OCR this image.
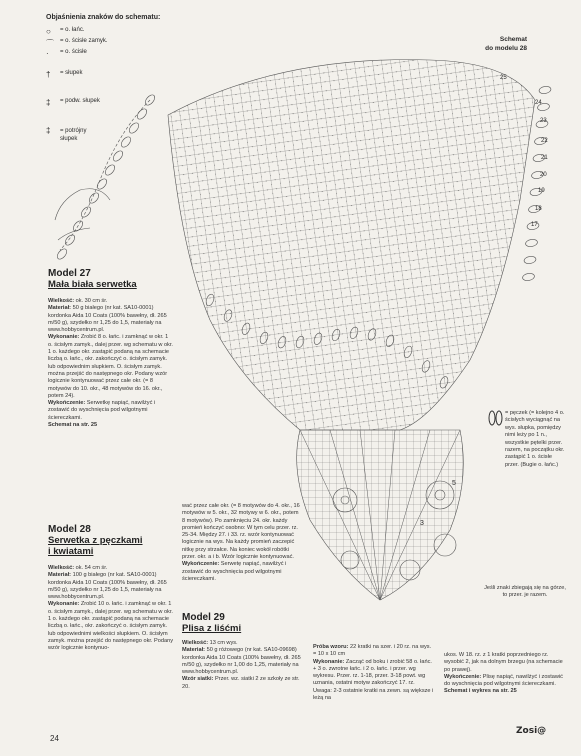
Objaśnienia znaków do schematu:
○ = o. łańc.
⌒ = o. ścisłe zamyk.
· = o. ścisłe
† = słupek
‡ = podw. słupek
‡ = potrójny słupek
Schemat
do modelu 28
25
24
23
22
21
20
19
18
17
5
3
Model 27
Mała biała serwetka
Wielkość: ok. 30 cm śr.
Materiał: 50 g białego (nr kat. SA10-0001) kordonka Aida 10 Coats (100% bawełny, dł. 265 m/50 g), szydełko nr 1,25 do 1,5, materiały na www.hobbycentrum.pl.
Wykonanie: Zrobić 8 o. łańc. i zamknąć w okr. 1 o. ścisłym zamyk., dalej przer. wg schematu w okr. 1 o. każdego okr. zastąpić podaną na schemacie liczbą o. łańc., okr. zakończyć o. ścisłym zamyk. lub odpowiednim słupkiem. O. ścisłym zamyk. można przejść do następnego okr. Podany wzór logicznie kontynuować przez całe okr. (= 8 motywów do 10. okr., 48 motywów do 16. okr., potem 24).
Wykończenie: Serwetkę napiąć, nawilżyć i zostawić do wyschnięcia pod wilgotnymi ściereczkami.
Schemat na str. 25
Model 28
Serwetka z pęczkami
i kwiatami
Wielkość: ok. 54 cm śr.
Materiał: 100 g białego (nr kat. SA10-0001) kordonka Aida 10 Coats (100% bawełny, dł. 265 m/50 g), szydełko nr 1,25 do 1,5, materiały na www.hobbycentrum.pl.
Wykonanie: Zrobić 10 o. łańc. i zamknąć w okr. 1 o. ścisłym zamyk., dalej przer. wg schematu w okr. 1 o. każdego okr. zastąpić podaną na schemacie liczbą o. łańc., okr. zakończyć o. ścisłym zamyk. lub odpowiednimi wielkości słupkiem. O. ścisłym zamyk. można przejść do następnego okr. Podany wzór logicznie kontynuo-
wać przez całe okr. (= 8 motywów do 4. okr., 16 motywów w 5. okr., 32 motywy w 6. okr., potem 8 motywów). Po zamknięciu 24. okr. każdy promień kończyć osobno: W tym celu przer. rz. 25-34. Między 27. i 33. rz. wzór kontynuować logicznie na wys. Na każdy promień zaczepić nitkę przy strzałce. Na koniec wokół robótki przer. okr. a i b. Wzór logicznie kontynuować.
Wykończenie: Serwetę napiąć, nawilżyć i zostawić do wyschnięcia pod wilgotnymi ściereczkami.
Model 29
Plisa z liśćmi
Wielkość: 13 cm wys.
Materiał: 50 g różowego (nr kat. SA10-09698) kordonka Aida 10 Coats (100% bawełny, dł. 265 m/50 g), szydełko nr 1,00 do 1,25, materiały na www.hobbycentrum.pl.
Wzór siatki: Przer. wz. siatki 2 ze szkoły ze str. 20.
Próba wzoru: 22 kratki na szer. i 20 rz. na wys. = 10 x 10 cm
Wykonanie: Zacząć od boku i zrobić 58 o. łańc. + 3 o. zwrotne łańc. i 2 o. łańc. i przer. wg wykresu. Przer. rz. 1-18, przer. 3-18 powt. wg uznania, ostatni motyw zakończyć 17. rz. Uwaga: 2-3 ostatnie kratki na zewn. są większe i leżą na
ukos. W 18. rz. z 1 kratki poprzedniego rz. wysobić 2, jak na dolnym brzegu (na schemacie po prawej).
Wykończenie: Plisę napiąć, nawilżyć i zostawić do wyschnięcia pod wilgotnymi ściereczkami.
Schemat i wykres na str. 25
= pęczek (= kolejno 4 o. ścisłych wyciągnąć na wys. słupka, pomiędzy nimi leży po 1 n., wszystkie pętelki przer. razem, na początku okr. zastąpić 1 o. ścisłe przer. (Bugie o. łańc.)
Jeśli znaki zbiegają się na górze, to przer. je razem.
24
Zosi@
